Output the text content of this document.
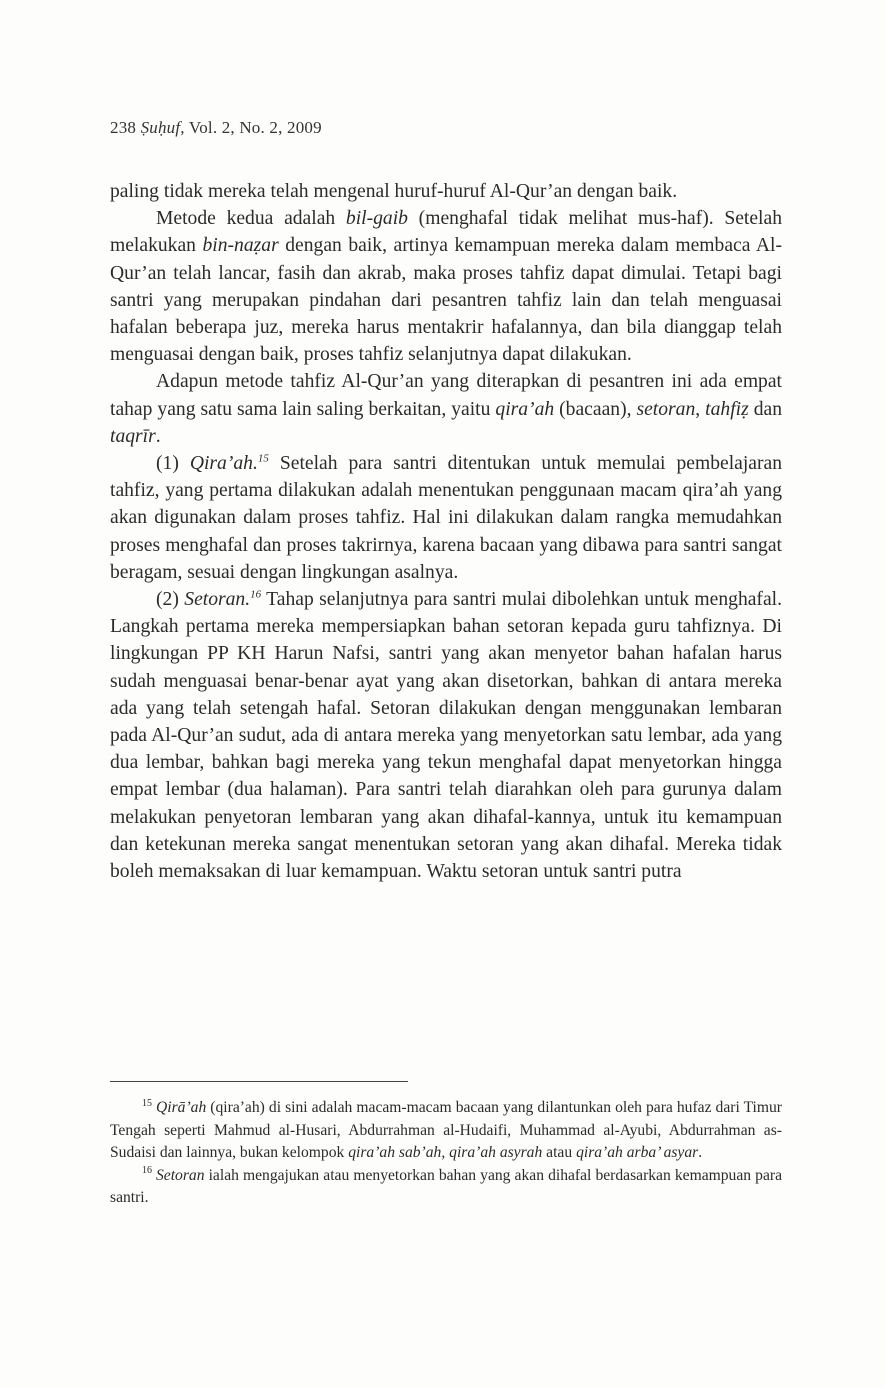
238 Ṣuḥuf, Vol. 2, No. 2, 2009

paling tidak mereka telah mengenal huruf-huruf Al-Qur’an dengan baik.

Metode kedua adalah bil-gaib (menghafal tidak melihat mus-haf). Setelah melakukan bin-naẓar dengan baik, artinya kemampuan mereka dalam membaca Al-Qur’an telah lancar, fasih dan akrab, maka proses tahfiz dapat dimulai. Tetapi bagi santri yang merupakan pindahan dari pesantren tahfiz lain dan telah menguasai hafalan beberapa juz, mereka harus mentakrir hafalannya, dan bila dianggap telah menguasai dengan baik, proses tahfiz selanjutnya dapat dilakukan.

Adapun metode tahfiz Al-Qur’an yang diterapkan di pesantren ini ada empat tahap yang satu sama lain saling berkaitan, yaitu qira’ah (bacaan), setoran, tahfiẓ dan taqrīr.

(1) Qira’ah.$^{15}$ Setelah para santri ditentukan untuk memulai pembelajaran tahfiz, yang pertama dilakukan adalah menentukan penggunaan macam qira’ah yang akan digunakan dalam proses tahfiz. Hal ini dilakukan dalam rangka memudahkan proses menghafal dan proses takrirnya, karena bacaan yang dibawa para santri sangat beragam, sesuai dengan lingkungan asalnya.

(2) Setoran.$^{16}$ Tahap selanjutnya para santri mulai dibolehkan untuk menghafal. Langkah pertama mereka mempersiapkan bahan setoran kepada guru tahfiznya. Di lingkungan PP KH Harun Nafsi, santri yang akan menyetor bahan hafalan harus sudah menguasai benar-benar ayat yang akan disetorkan, bahkan di antara mereka ada yang telah setengah hafal. Setoran dilakukan dengan menggunakan lembaran pada Al-Qur’an sudut, ada di antara mereka yang menyetorkan satu lembar, ada yang dua lembar, bahkan bagi mereka yang tekun menghafal dapat menyetorkan hingga empat lembar (dua halaman). Para santri telah diarahkan oleh para gurunya dalam melakukan penyetoran lembaran yang akan dihafal-kannya, untuk itu kemampuan dan ketekunan mereka sangat menentukan setoran yang akan dihafal. Mereka tidak boleh memaksakan di luar kemampuan. Waktu setoran untuk santri putra

$^{15}$ Qirā’ah (qira’ah) di sini adalah macam-macam bacaan yang dilantunkan oleh para hufaz dari Timur Tengah seperti Mahmud al-Husari, Abdurrahman al-Hudaifi, Muhammad al-Ayubi, Abdurrahman as-Sudaisi dan lainnya, bukan kelompok qira’ah sab’ah, qira’ah asyrah atau qira’ah arba’ asyar.

$^{16}$ Setoran ialah mengajukan atau menyetorkan bahan yang akan dihafal berdasarkan kemampuan para santri.
